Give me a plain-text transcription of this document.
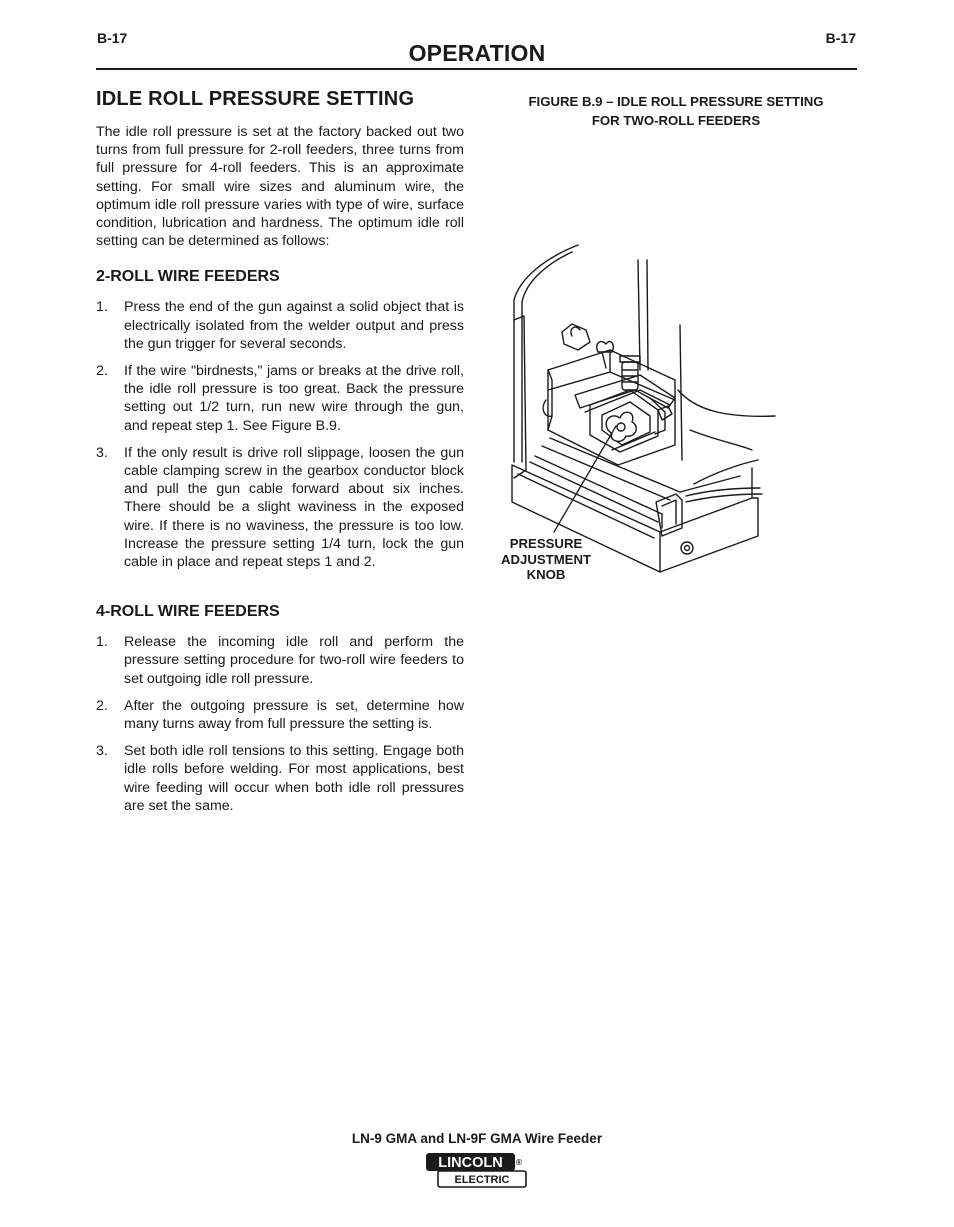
B-17	B-17
OPERATION
IDLE ROLL PRESSURE SETTING

The idle roll pressure is set at the factory backed out two turns from full pressure for 2-roll feeders, three turns from full pressure for 4-roll feeders. This is an approximate setting. For small wire sizes and aluminum wire, the optimum idle roll pressure varies with type of wire, surface condition, lubrication and hardness. The optimum idle roll setting can be determined as follows:

2-ROLL WIRE FEEDERS
1. Press the end of the gun against a solid object that is electrically isolated from the welder output and press the gun trigger for several seconds.
2. If the wire "birdnests," jams or breaks at the drive roll, the idle roll pressure is too great. Back the pressure setting out 1/2 turn, run new wire through the gun, and repeat step 1. See Figure B.9.
3. If the only result is drive roll slippage, loosen the gun cable clamping screw in the gearbox conductor block and pull the gun cable forward about six inches. There should be a slight waviness in the exposed wire. If there is no waviness, the pressure is too low. Increase the pressure setting 1/4 turn, lock the gun cable in place and repeat steps 1 and 2.
4-ROLL WIRE FEEDERS
1. Release the incoming idle roll and perform the pressure setting procedure for two-roll wire feeders to set outgoing idle roll pressure.
2. After the outgoing pressure is set, determine how many turns away from full pressure the setting is.
3. Set both idle roll tensions to this setting. Engage both idle rolls before welding. For most applications, best wire feeding will occur when both idle roll pressures are set the same.
FIGURE B.9 – IDLE ROLL PRESSURE SETTING
FOR TWO-ROLL FEEDERS
PRESSURE
ADJUSTMENT
KNOB
LN-9 GMA and LN-9F GMA Wire Feeder
LINCOLN ®
ELECTRIC
